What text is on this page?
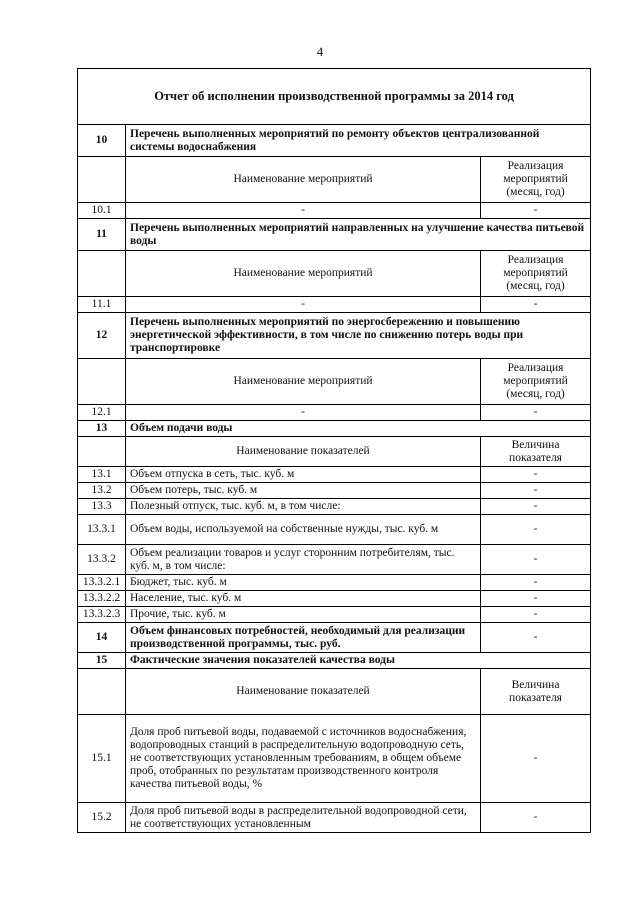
4
Отчет об исполнении производственной программы за 2014 год		
10	Перечень выполненных мероприятий по ремонту объектов централизованной системы водоснабжения	
	Наименование мероприятий	Реализация мероприятий (месяц, год)
10.1	-	-
11	Перечень выполненных мероприятий направленных на улучшение качества питьевой воды	
	Наименование мероприятий	Реализация мероприятий (месяц, год)
11.1	-	-
12	Перечень выполненных мероприятий по энергосбережению и повышению энергетической эффективности, в том числе по снижению потерь воды при транспортировке	
	Наименование мероприятий	Реализация мероприятий (месяц, год)
12.1	-	-
13	Объем подачи воды	
	Наименование показателей	Величина показателя
13.1	Объем отпуска в сеть, тыс. куб. м	-
13.2	Объем потерь, тыс. куб. м	-
13.3	Полезный отпуск, тыс. куб. м, в том числе:	-
13.3.1	Объем воды, используемой на собственные нужды, тыс. куб. м	-
13.3.2	Объем реализации товаров и услуг сторонним потребителям, тыс. куб. м, в том числе:	-
13.3.2.1	Бюджет, тыс. куб. м	-
13.3.2.2	Население, тыс. куб. м	-
13.3.2.3	Прочие, тыс. куб. м	-
14	Объем финансовых потребностей, необходимый для реализации производственной программы, тыс. руб.	-
15	Фактические значения показателей качества воды	
	Наименование показателей	Величина показателя
15.1	Доля проб питьевой воды, подаваемой с источников водоснабжения, водопроводных станций в распределительную водопроводную сеть, не соответствующих установленным требованиям, в общем объеме проб, отобранных по результатам производственного контроля качества питьевой воды, %	-
15.2	Доля проб питьевой воды в распределительной водопроводной сети, не соответствующих установленным	-
